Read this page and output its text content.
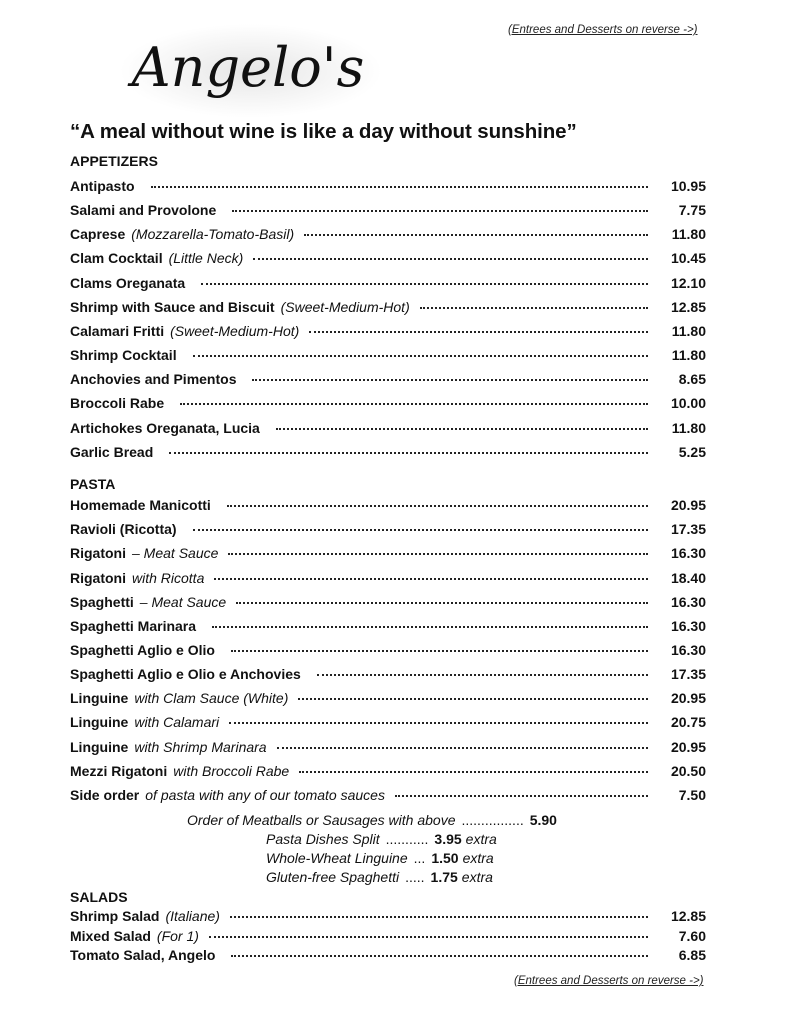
(Entrees and Desserts on reverse ->)
Angelo's
“A meal without wine is like a day without sunshine”
APPETIZERS
Antipasto	10.95
Salami and Provolone	7.75
Caprese (Mozzarella-Tomato-Basil)	11.80
Clam Cocktail (Little Neck)	10.45
Clams Oreganata	12.10
Shrimp with Sauce and Biscuit (Sweet-Medium-Hot)	12.85
Calamari Fritti (Sweet-Medium-Hot)	11.80
Shrimp Cocktail	11.80
Anchovies and Pimentos	8.65
Broccoli Rabe	10.00
Artichokes Oreganata, Lucia	11.80
Garlic Bread	5.25
PASTA
Homemade Manicotti	20.95
Ravioli (Ricotta)	17.35
Rigatoni – Meat Sauce	16.30
Rigatoni with Ricotta	18.40
Spaghetti – Meat Sauce	16.30
Spaghetti Marinara	16.30
Spaghetti Aglio e Olio	16.30
Spaghetti Aglio e Olio e Anchovies	17.35
Linguine with Clam Sauce (White)	20.95
Linguine with Calamari	20.75
Linguine with Shrimp Marinara	20.95
Mezzi Rigatoni with Broccoli Rabe	20.50
Side order of pasta with any of our tomato sauces	7.50
Order of Meatballs or Sausages with above ................ 5.90
Pasta Dishes Split ........... 3.95 extra
Whole-Wheat Linguine ... 1.50 extra
Gluten-free Spaghetti ..... 1.75 extra
SALADS
Shrimp Salad (Italiane)	12.85
Mixed Salad (For 1)	7.60
Tomato Salad, Angelo	6.85
(Entrees and Desserts on reverse ->)
